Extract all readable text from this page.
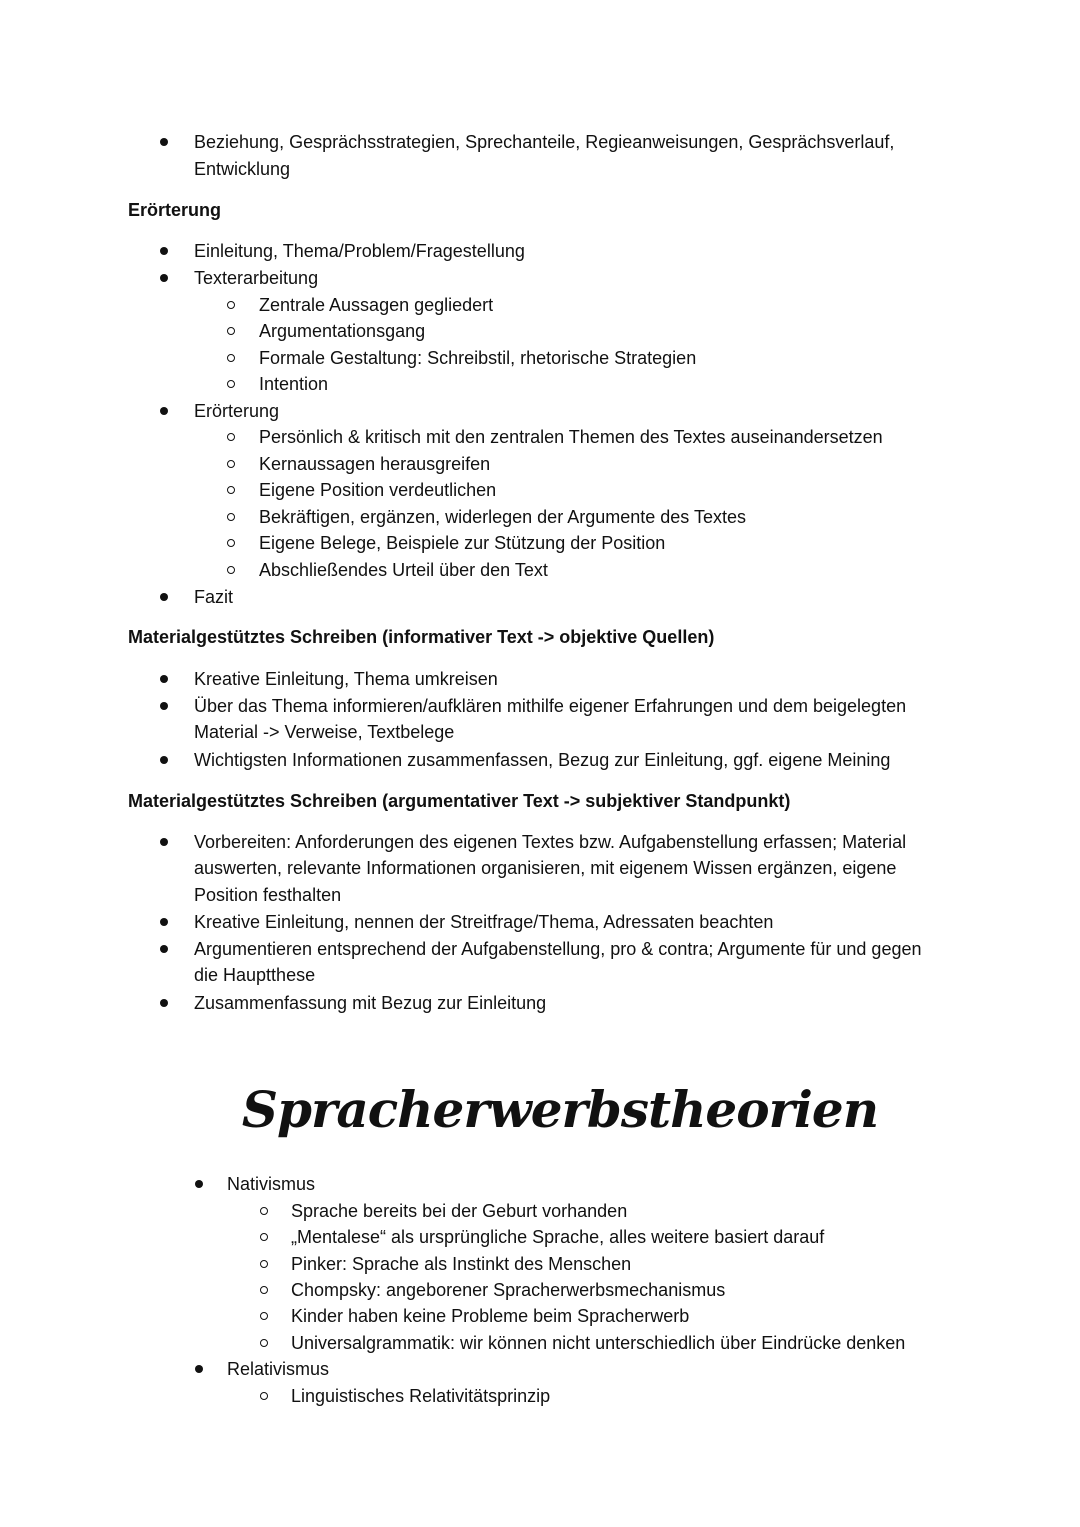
Beziehung, Gesprächsstrategien, Sprechanteile, Regieanweisungen, Gesprächsverlauf,
Entwicklung
Erörterung
Einleitung, Thema/Problem/Fragestellung
Texterarbeitung
Zentrale Aussagen gegliedert
Argumentationsgang
Formale Gestaltung: Schreibstil, rhetorische Strategien
Intention
Erörterung
Persönlich & kritisch mit den zentralen Themen des Textes auseinandersetzen
Kernaussagen herausgreifen
Eigene Position verdeutlichen
Bekräftigen, ergänzen, widerlegen der Argumente des Textes
Eigene Belege, Beispiele zur Stützung der Position
Abschließendes Urteil über den Text
Fazit
Materialgestütztes Schreiben (informativer Text -> objektive Quellen)
Kreative Einleitung, Thema umkreisen
Über das Thema informieren/aufklären mithilfe eigener Erfahrungen und dem beigelegten
Material -> Verweise, Textbelege
Wichtigsten Informationen zusammenfassen, Bezug zur Einleitung, ggf. eigene Meining
Materialgestütztes Schreiben (argumentativer Text -> subjektiver Standpunkt)
Vorbereiten: Anforderungen des eigenen Textes bzw. Aufgabenstellung erfassen; Material
auswerten, relevante Informationen organisieren, mit eigenem Wissen ergänzen, eigene
Position festhalten
Kreative Einleitung, nennen der Streitfrage/Thema, Adressaten beachten
Argumentieren entsprechend der Aufgabenstellung, pro & contra; Argumente für und gegen
die Hauptthese
Zusammenfassung mit Bezug zur Einleitung
Spracherwerbstheorien
Nativismus
Sprache bereits bei der Geburt vorhanden
„Mentalese“ als ursprüngliche Sprache, alles weitere basiert darauf
Pinker: Sprache als Instinkt des Menschen
Chompsky: angeborener Spracherwerbsmechanismus
Kinder haben keine Probleme beim Spracherwerb
Universalgrammatik: wir können nicht unterschiedlich über Eindrücke denken
Relativismus
Linguistisches Relativitätsprinzip
